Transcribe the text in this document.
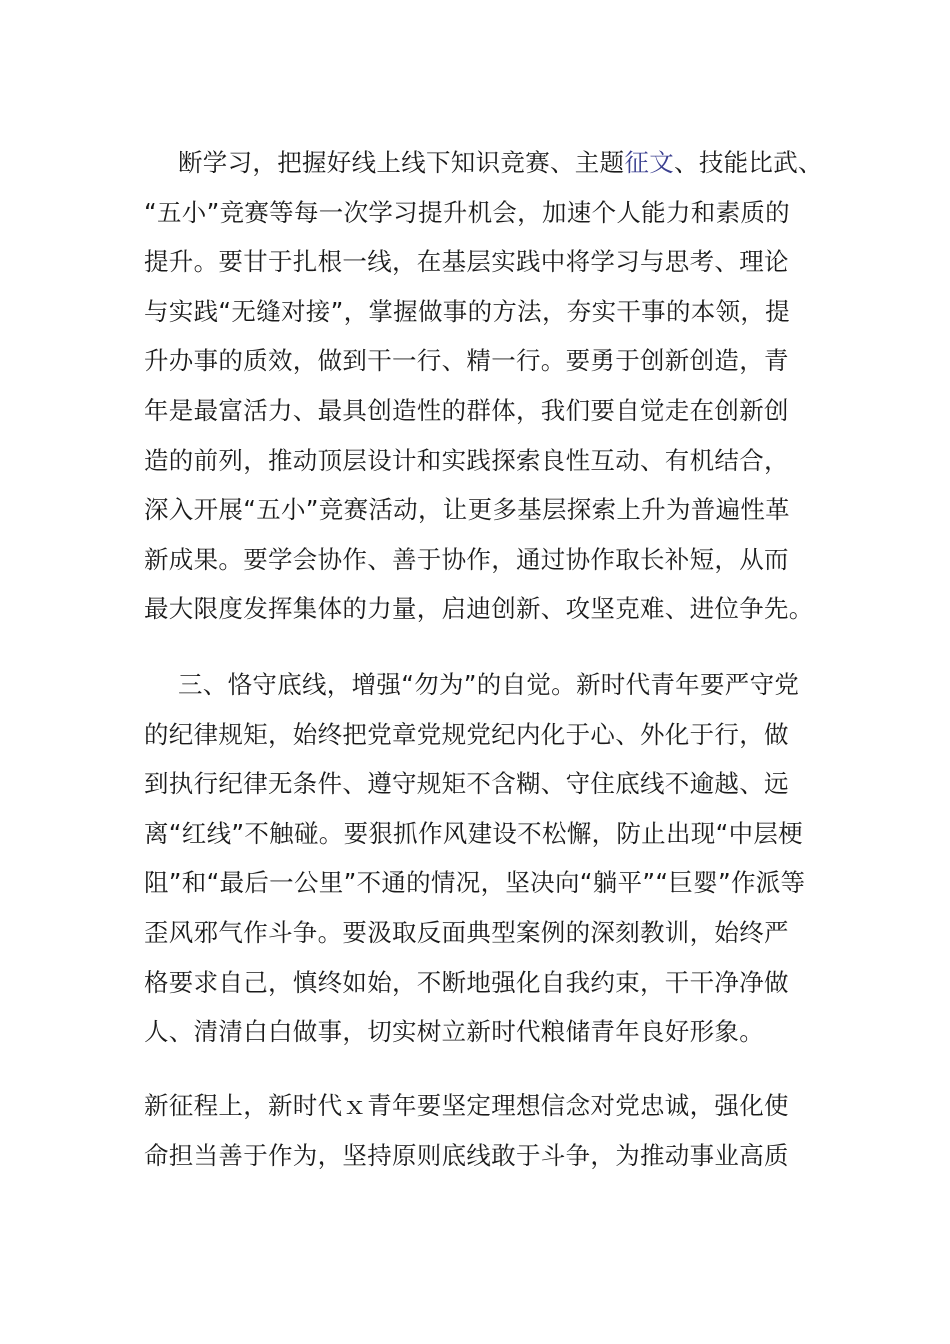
断学习，把握好线上线下知识竞赛、主题征文、技能比武、
“五小”竞赛等每一次学习提升机会，加速个人能力和素质的
提升。要甘于扎根一线，在基层实践中将学习与思考、理论
与实践“无缝对接”，掌握做事的方法，夯实干事的本领，提
升办事的质效，做到干一行、精一行。要勇于创新创造，青
年是最富活力、最具创造性的群体，我们要自觉走在创新创
造的前列，推动顶层设计和实践探索良性互动、有机结合，
深入开展“五小”竞赛活动，让更多基层探索上升为普遍性革
新成果。要学会协作、善于协作，通过协作取长补短，从而
最大限度发挥集体的力量，启迪创新、攻坚克难、进位争先。
三、恪守底线，增强“勿为”的自觉。新时代青年要严守党
的纪律规矩，始终把党章党规党纪内化于心、外化于行，做
到执行纪律无条件、遵守规矩不含糊、守住底线不逾越、远
离“红线”不触碰。要狠抓作风建设不松懈，防止出现“中层梗
阻”和“最后一公里”不通的情况，坚决向“躺平”“巨婴”作派等
歪风邪气作斗争。要汲取反面典型案例的深刻教训，始终严
格要求自己，慎终如始，不断地强化自我约束，干干净净做
人、清清白白做事，切实树立新时代粮储青年良好形象。
新征程上，新时代ｘ青年要坚定理想信念对党忠诚，强化使
命担当善于作为，坚持原则底线敢于斗争，为推动事业高质
